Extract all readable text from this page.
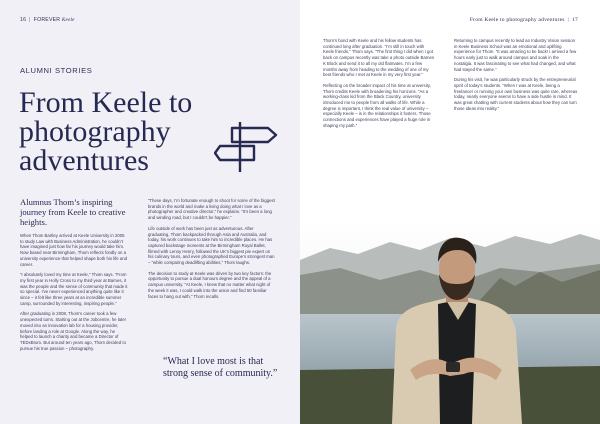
16 | FOREVER Keele
ALUMNI STORIES
From Keele to photography adventures

Alumnus Thom’s inspiring journey from Keele to creative heights.

When Thom Bartley arrived at Keele University in 2005 to study Law with Business Administration, he couldn’t have imagined just how far his journey would take him. Now based near Birmingham, Thom reflects fondly on a university experience that helped shape both his life and career.

“I absolutely loved my time at Keele,” Thom says. “From my first year in Holly Cross to my third year at Barnes, it was the people and the sense of community that made it so special. I’ve never experienced anything quite like it since – it felt like three years at an incredible summer camp, surrounded by interesting, inspiring people.”

After graduating in 2008, Thom’s career took a few unexpected turns. Starting out at the Jobcentre, he later moved into an innovation lab for a housing provider, before landing a role at Google. Along the way, he helped to launch a charity and became a Director of TEDxBrum. But around ten years ago, Thom decided to pursue his true passion – photography.

“These days, I’m fortunate enough to shoot for some of the biggest brands in the world and make a living doing what I love as a photographer and creative director,” he explains. “It’s been a long and winding road, but I couldn’t be happier.”

Life outside of work has been just as adventurous. After graduating, Thom backpacked through Asia and Australia, and today, his work continues to take him to incredible places. He has captured backstage moments at the Birmingham Royal Ballet, filmed with Lenny Henry, followed the UK’s biggest pie expert on his culinary tours, and even photographed Europe’s strongest man – “while comparing deadlifting abilities,” Thom laughs.

The decision to study at Keele was driven by two key factors: the opportunity to pursue a dual honours degree and the appeal of a campus university. “At Keele, I knew that no matter what night of the week it was, I could walk into the union and find 50 familiar faces to hang out with,” Thom recalls.

“What I love most is that strong sense of community.”

From Keele to photography adventures | 17

Thom’s bond with Keele and his fellow students has continued long after graduation. “I’m still in touch with Keele friends,” Thom says. “The first thing I did when I got back on campus recently was take a photo outside Barnes K Block and send it to all my old flatmates. I’m a few months away from heading to the wedding of one of my best friends who I met at Keele in my very first year.”

Reflecting on the broader impact of his time at university, Thom credits Keele with broadening his horizons. “As a working-class kid from the Black Country, university introduced me to people from all walks of life. While a degree is important, I think the real value of university – especially Keele – is in the relationships it fosters. Those connections and experiences have played a huge role in shaping my path.”

Returning to campus recently to lead an Industry Vision session in Keele Business School was an emotional and uplifting experience for Thom. “It was amazing to be back! I arrived a few hours early just to walk around campus and soak in the nostalgia. It was fascinating to see what had changed, and what had stayed the same.”

During his visit, he was particularly struck by the entrepreneurial spirit of today’s students. “When I was at Keele, being a freelancer or running your own business was quite rare, whereas today, nearly everyone seems to have a side hustle in mind. It was great chatting with current students about how they can turn those ideas into reality.”
